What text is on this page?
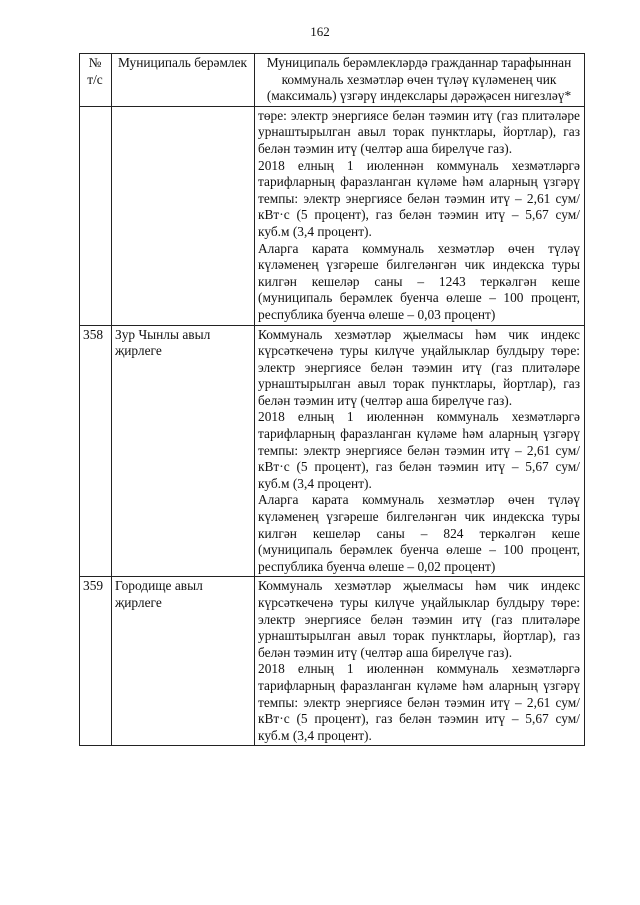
162
№ т/с	Муниципаль берәмлек	Муниципаль берәмлекләрдә гражданнар тарафыннан коммуналь хезмәтләр өчен түләү күләменең чик (максималь) үзгәрү индекслары дәрәҗәсен нигезләү*

		төре: электр энергиясе белән тәэмин итү (газ плитәләре урнаштырылган авыл торак пунктлары, йортлар), газ белән тәэмин итү (челтәр аша бирелүче газ).

2018 елның 1 июленнән коммуналь хезмәтләргә тарифларның фаразланган күләме һәм аларның үзгәрү темпы: электр энергиясе белән тәэмин итү – 2,61 сум/кВт·с (5 процент), газ белән тәэмин итү – 5,67 сум/куб.м (3,4 процент).

Аларга карата коммуналь хезмәтләр өчен түләү күләменең үзгәреше билгеләнгән чик индекска туры килгән кешеләр саны – 1243 теркәлгән кеше (муниципаль берәмлек буенча өлеше – 100 процент, республика буенча өлеше – 0,03 процент)

358	Зур Чынлы авыл җирлеге	Коммуналь хезмәтләр җыелмасы һәм чик индекс күрсәткеченә туры килүче уңайлыклар булдыру төре: электр энергиясе белән тәэмин итү (газ плитәләре урнаштырылган авыл торак пунктлары, йортлар), газ белән тәэмин итү (челтәр аша бирелүче газ).

2018 елның 1 июленнән коммуналь хезмәтләргә тарифларның фаразланган күләме һәм аларның үзгәрү темпы: электр энергиясе белән тәэмин итү – 2,61 сум/кВт·с (5 процент), газ белән тәэмин итү – 5,67 сум/куб.м (3,4 процент).

Аларга карата коммуналь хезмәтләр өчен түләү күләменең үзгәреше билгеләнгән чик индекска туры килгән кешеләр саны – 824 теркәлгән кеше (муниципаль берәмлек буенча өлеше – 100 процент, республика буенча өлеше – 0,02 процент)

359	Городище авыл җирлеге	Коммуналь хезмәтләр җыелмасы һәм чик индекс күрсәткеченә туры килүче уңайлыклар булдыру төре: электр энергиясе белән тәэмин итү (газ плитәләре урнаштырылган авыл торак пунктлары, йортлар), газ белән тәэмин итү (челтәр аша бирелүче газ).

2018 елның 1 июленнән коммуналь хезмәтләргә тарифларның фаразланган күләме һәм аларның үзгәрү темпы: электр энергиясе белән тәэмин итү – 2,61 сум/кВт·с (5 процент), газ белән тәэмин итү – 5,67 сум/куб.м (3,4 процент).
